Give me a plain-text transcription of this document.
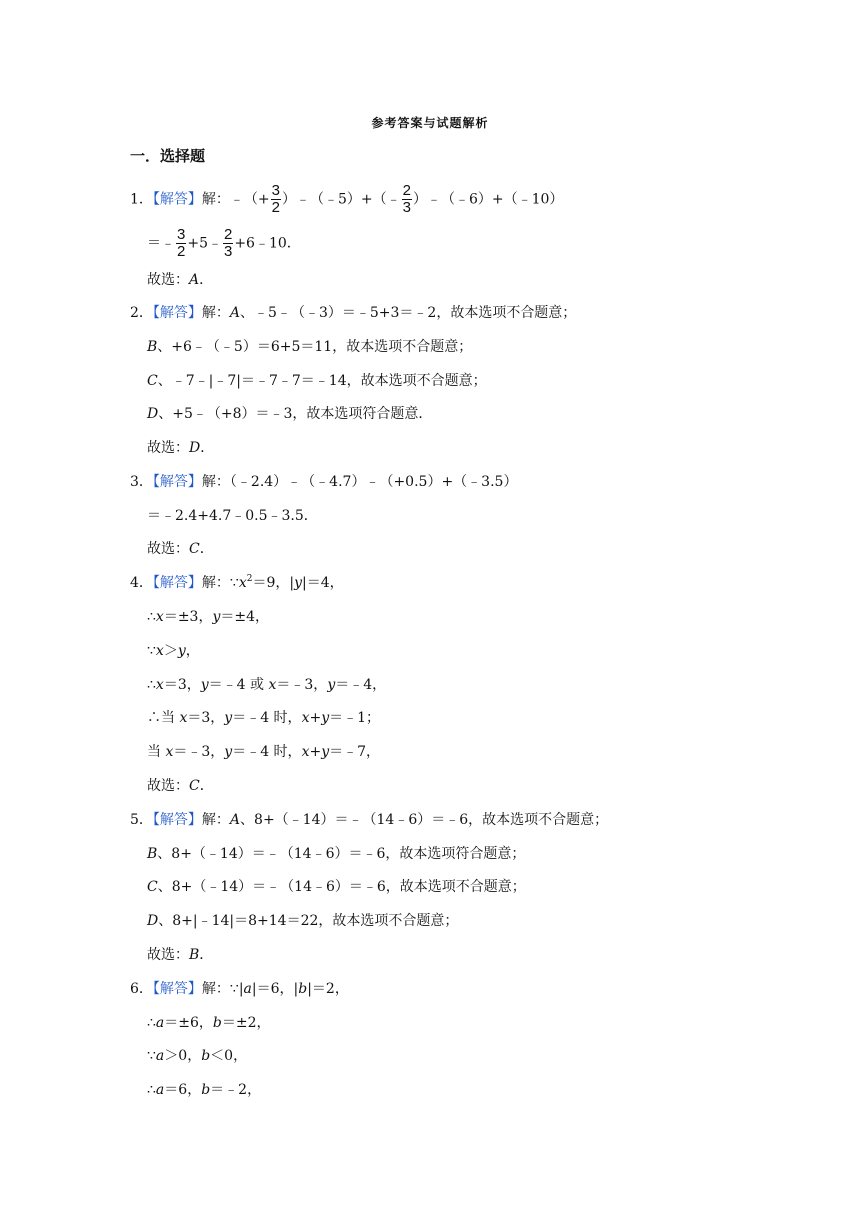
参考答案与试题解析
一．选择题
1．【解答】解：﹣（+ $\frac{3}{2}$ ）﹣（﹣5）+（﹣ $\frac{2}{3}$ ）﹣（﹣6）+（﹣10）
＝﹣ $\frac{3}{2}$ +5﹣ $\frac{2}{3}$ +6﹣10．
故选：A．
2．【解答】解：A、﹣5﹣（﹣3）＝﹣5+3＝﹣2，故本选项不合题意；
B、+6﹣（﹣5）＝6+5＝11，故本选项不合题意；
C、﹣7﹣|﹣7|＝﹣7﹣7＝﹣14，故本选项不合题意；
D、+5﹣（+8）＝﹣3，故本选项符合题意．
故选：D．
3．【解答】解：（﹣2.4）﹣（﹣4.7）﹣（+0.5）+（﹣3.5）
＝﹣2.4+4.7﹣0.5﹣3.5．
故选：C．
4．【解答】解：$\because x^2=9$，|y|＝4，
∴x＝±3，y＝±4，
∵x＞y，
∴x＝3，y＝﹣4 或 x＝﹣3，y＝﹣4，
∴当 x＝3，y＝﹣4 时，x+y＝﹣1；
当 x＝﹣3，y＝﹣4 时，x+y＝﹣7，
故选：C．
5．【解答】解：A、8+（﹣14）＝﹣（14﹣6）＝﹣6，故本选项不合题意；
B、8+（﹣14）＝﹣（14﹣6）＝﹣6，故本选项符合题意；
C、8+（﹣14）＝﹣（14﹣6）＝﹣6，故本选项不合题意；
D、8+|﹣14|＝8+14＝22，故本选项不合题意；
故选：B．
6．【解答】解：∵|a|＝6，|b|＝2，
∴a＝±6，b＝±2，
∵a＞0，b＜0，
∴a＝6，b＝﹣2，
